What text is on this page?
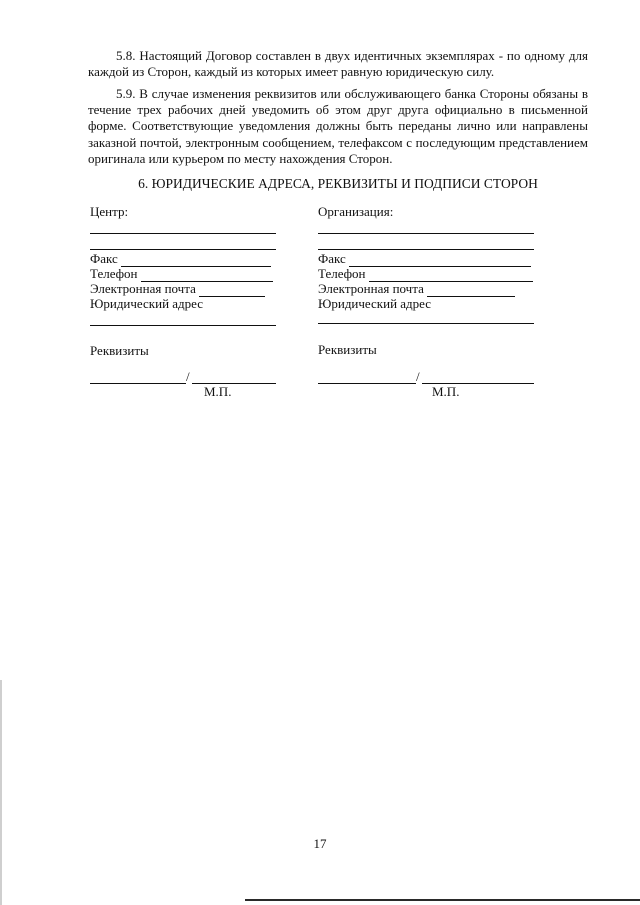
5.8. Настоящий Договор составлен в двух идентичных экземплярах - по одному для каждой из Сторон, каждый из которых имеет равную юридическую силу.

5.9. В случае изменения реквизитов или обслуживающего банка Стороны обязаны в течение трех рабочих дней уведомить об этом друг друга официально в письменной форме. Соответствующие уведомления должны быть переданы лично или направлены заказной почтой, электронным сообщением, телефаксом с последующим представлением оригинала или курьером по месту нахождения Сторон.

6. ЮРИДИЧЕСКИЕ АДРЕСА, РЕКВИЗИТЫ И ПОДПИСИ СТОРОН
Центр:
Факс
Телефон
Электронная почта
Юридический адрес
Реквизиты
/
М.П.
Организация:
Факс
Телефон
Электронная почта
Юридический адрес
Реквизиты
/
М.П.
17
